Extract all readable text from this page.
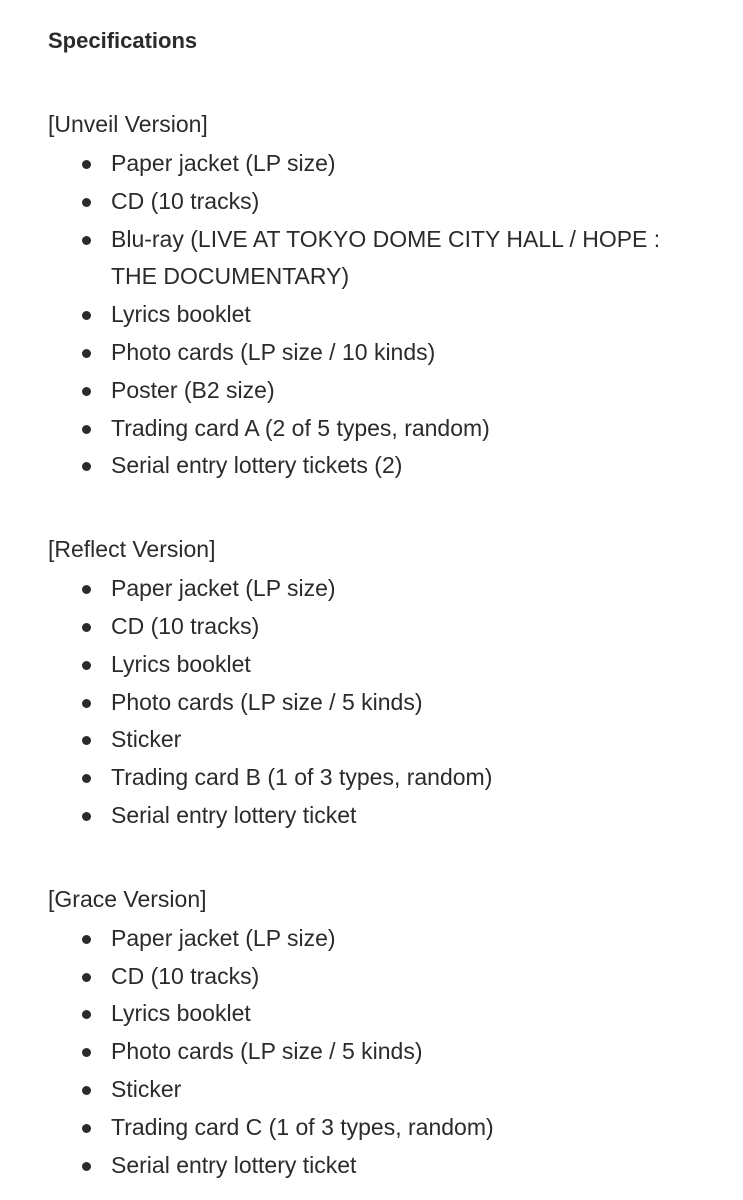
Specifications
[Unveil Version]
Paper jacket (LP size)
CD (10 tracks)
Blu-ray (LIVE AT TOKYO DOME CITY HALL / HOPE : THE DOCUMENTARY)
Lyrics booklet
Photo cards (LP size / 10 kinds)
Poster (B2 size)
Trading card A (2 of 5 types, random)
Serial entry lottery tickets (2)
[Reflect Version]
Paper jacket (LP size)
CD (10 tracks)
Lyrics booklet
Photo cards (LP size / 5 kinds)
Sticker
Trading card B (1 of 3 types, random)
Serial entry lottery ticket
[Grace Version]
Paper jacket (LP size)
CD (10 tracks)
Lyrics booklet
Photo cards (LP size / 5 kinds)
Sticker
Trading card C (1 of 3 types, random)
Serial entry lottery ticket
